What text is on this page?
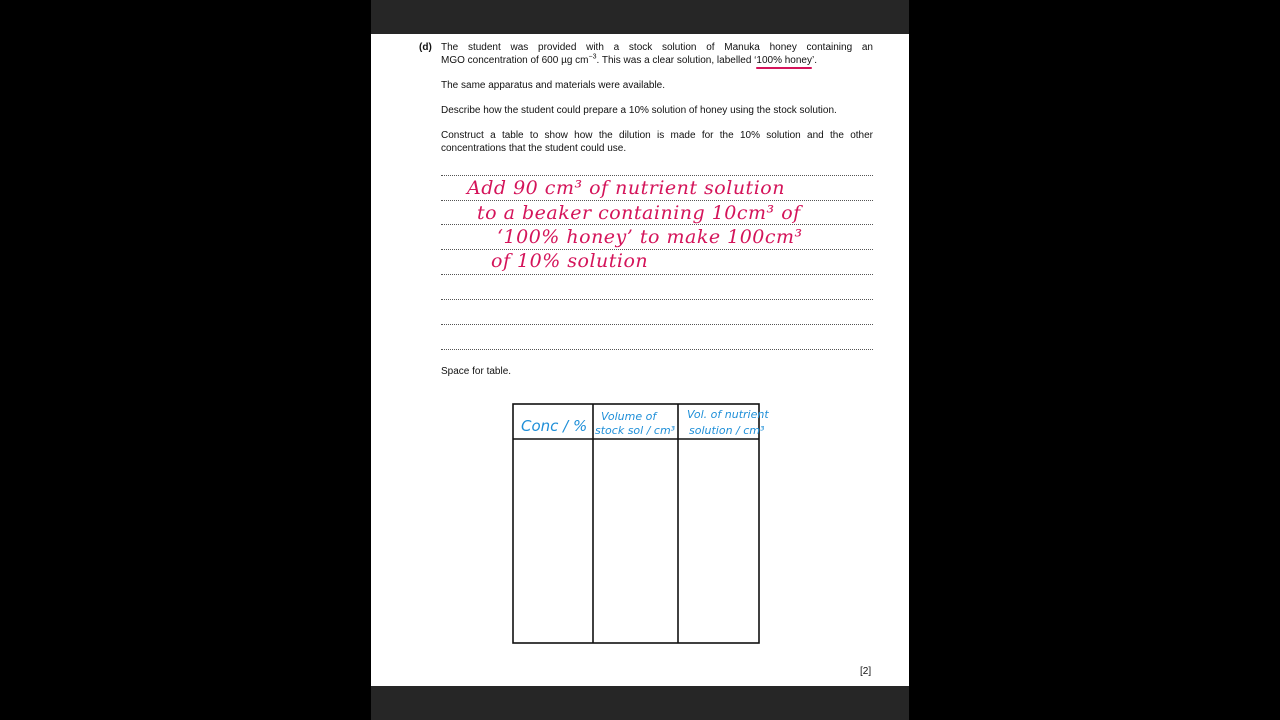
(d) The student was provided with a stock solution of Manuka honey containing an
MGO concentration of 600 µg $cm^{-3}$. This was a clear solution, labelled ‘100% honey
’.
The same apparatus and materials were available.
Describe how the student could prepare a 10% solution of honey using the stock solution.
Construct a table to show how the dilution is made for the 10% solution and the other concentrations that the student could use.
Add 90 cm³ of nutrient solution
to a beaker containing 10cm³ of
‘100% honey’ to make 100cm³
of 10% solution
Space for table.
Conc / %
Volume of
stock sol / cm³
Vol. of nutrient
solution / cm³
[2]
